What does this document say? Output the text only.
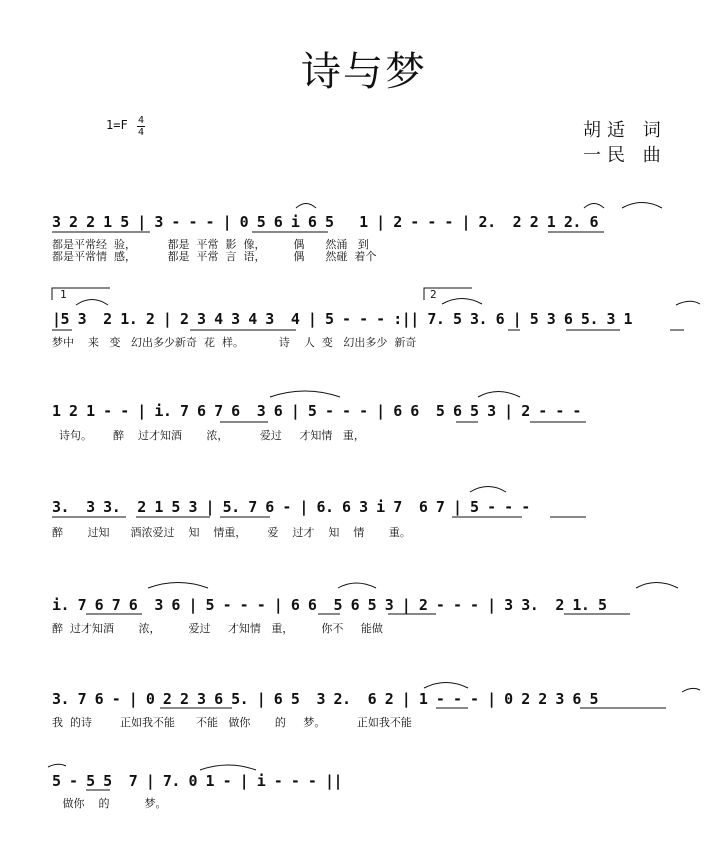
诗与梦
1=F 4
4	胡适 词
一民 曲
3 2 2 1 5 | 3 - - - | 0 5 6 i 6 5   1 | 2 - - - | 2.  2 2 1 2. 6
都是平常经  验，         都是  平常  影  像，        偶      然涌   到
都是平常情  感，         都是  平常  言  语，        偶      然碰  着个
1	2
|5 3  2 1. 2 | 2 3 4 3 4 3  4 | 5 - - - :|| 7. 5 3. 6 | 5 3 6 5. 3 1
梦中    来   变   幻出多少新奇  花  样。          诗    人  变   幻出多少  新奇
1 2 1 - - | i. 7 6 7 6  3 6 | 5 - - - | 6 6  5 6 5 3 | 2 - - -
诗句。      醉    过才知酒       浓，         爱过     才知情   重，
3.  3 3.  2 1 5 3 | 5. 7 6 - | 6. 6 3 i 7  6 7 | 5 - - -
醉       过知      酒浓爱过    知    情重，      爱    过才    知    情       重。
i. 7 6 7 6  3 6 | 5 - - - | 6 6  5 6 5 3 | 2 - - - | 3 3.  2 1. 5
醉  过才知酒       浓，        爱过     才知情   重，        你不     能做
3. 7 6 - | 0 2 2 3 6 5. | 6 5  3 2.  6 2 | 1 - - - | 0 2 2 3 6 5
我  的诗        正如我不能      不能   做你       的     梦。         正如我不能
5 - 5 5  7 | 7. 0 1 - | i - - - ||
做你    的          梦。
